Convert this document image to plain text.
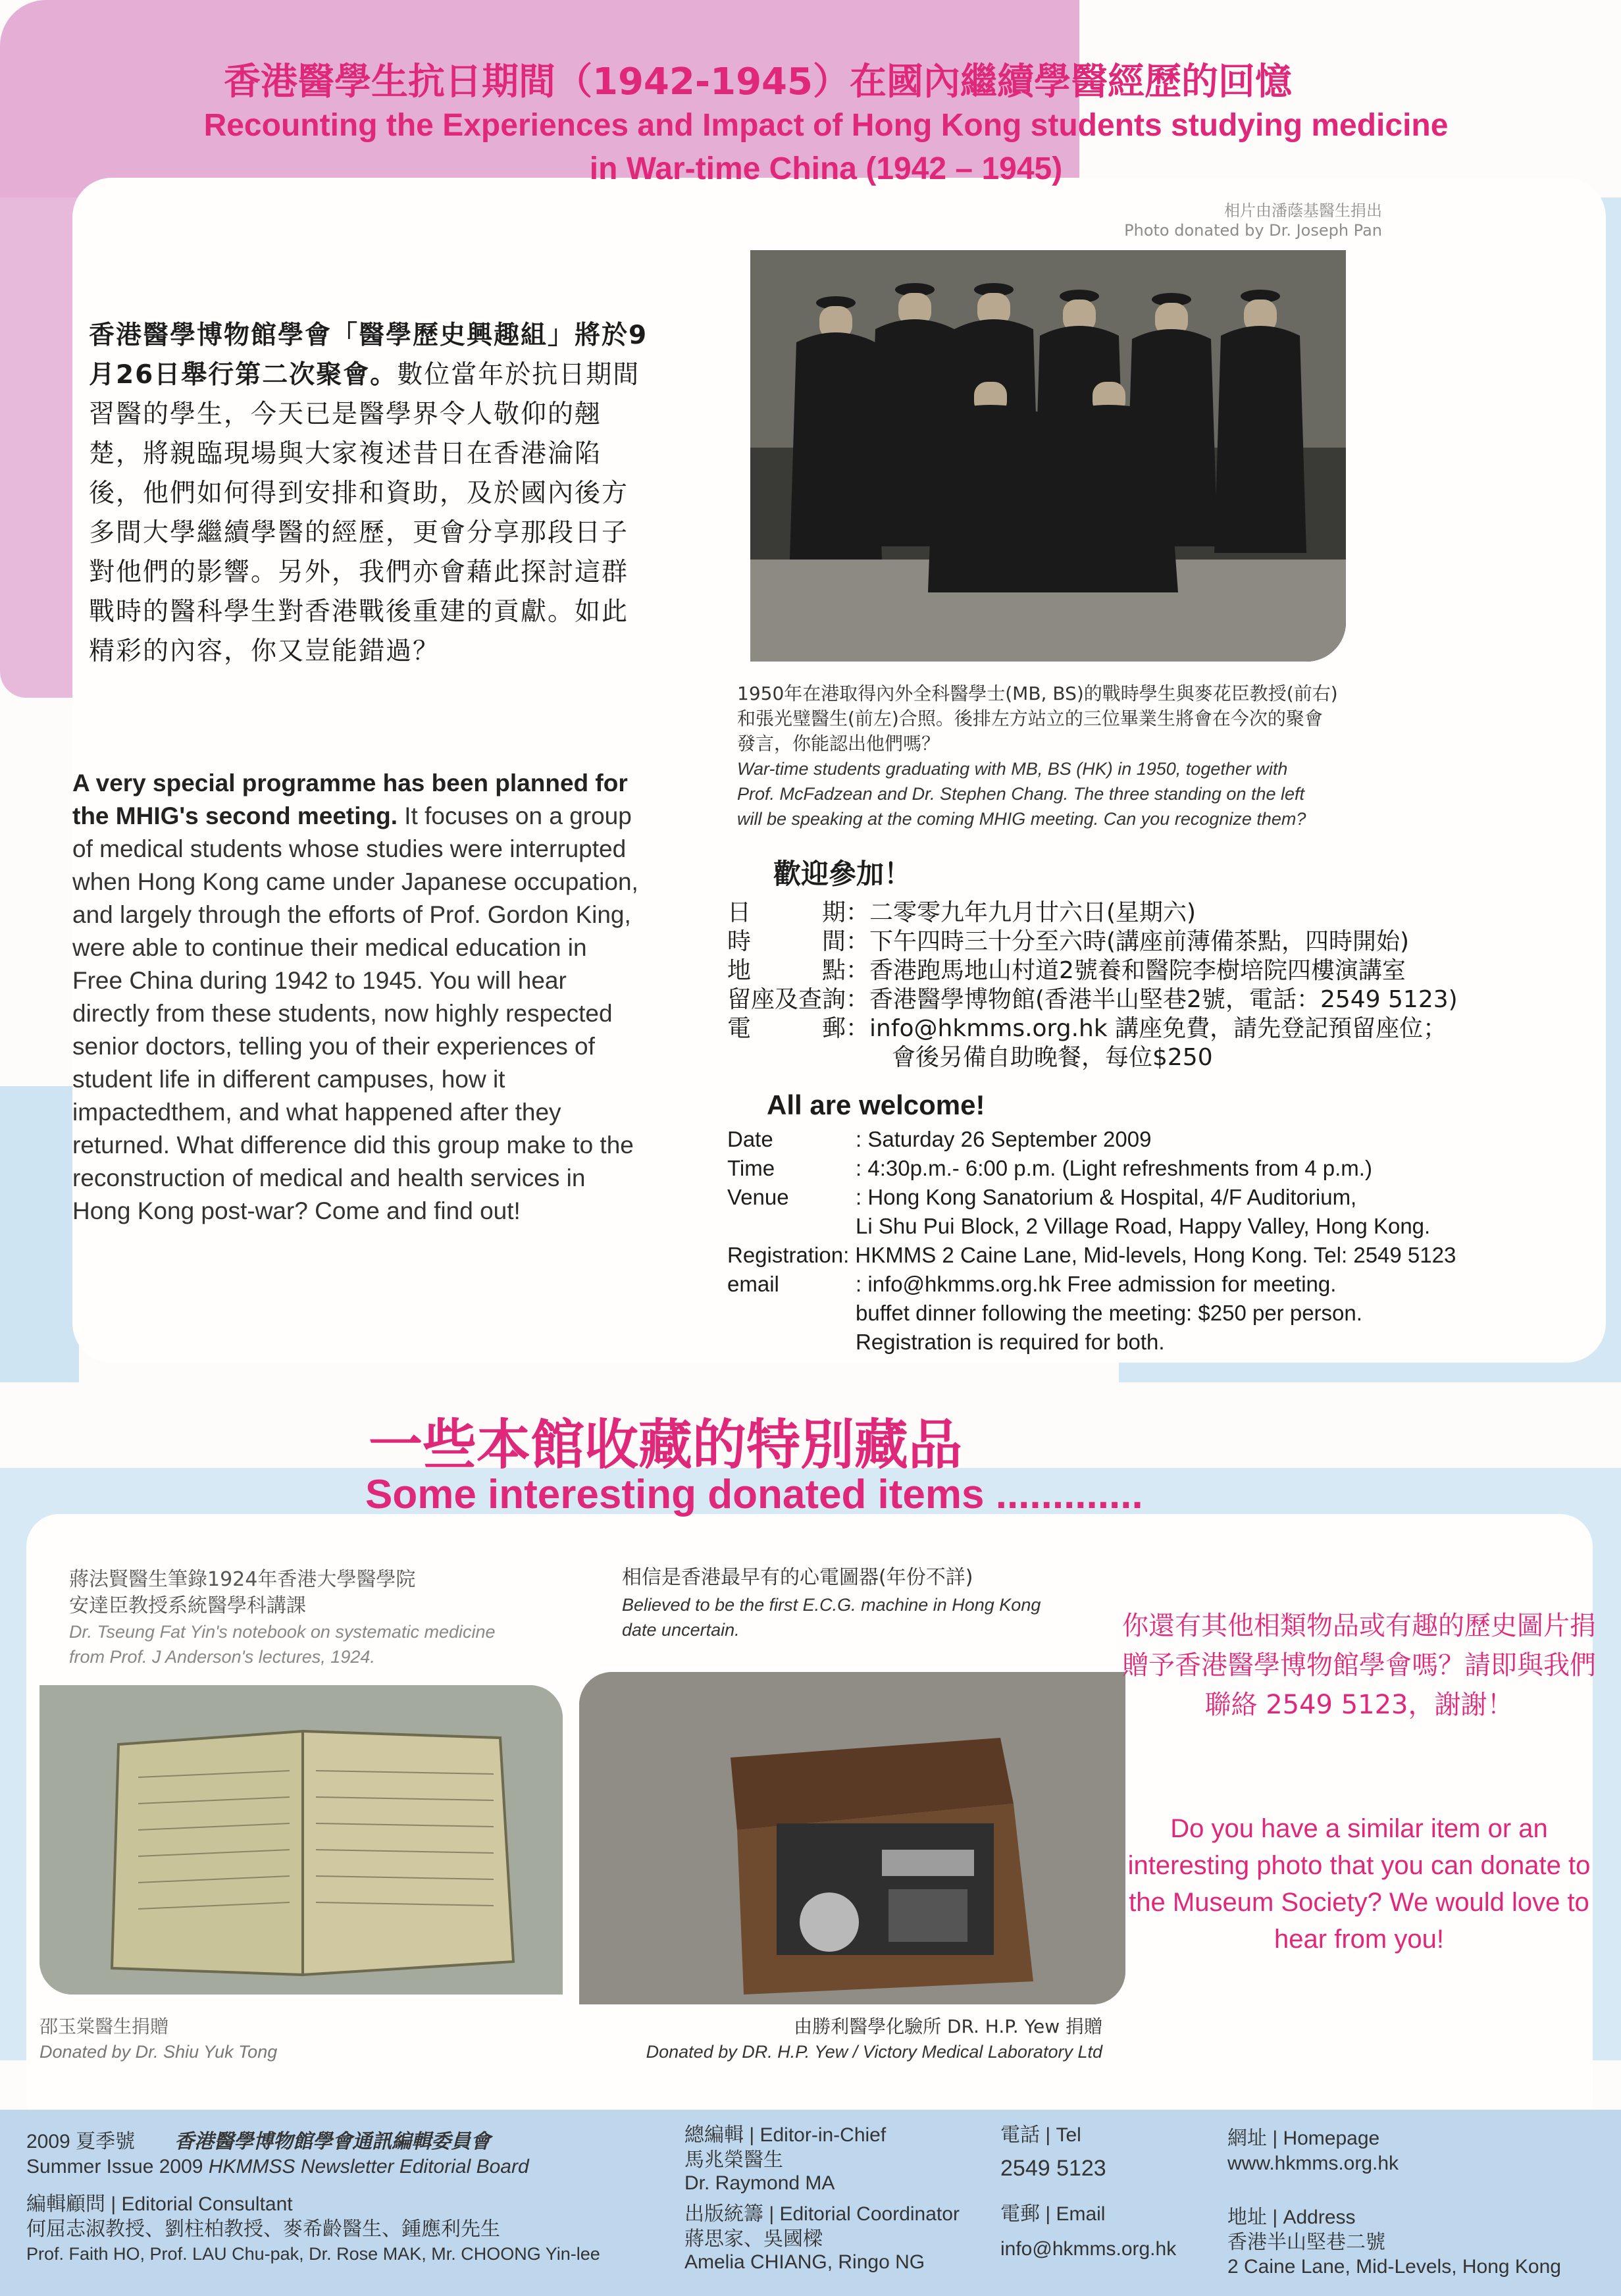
香港醫學生抗日期間（1942-1945）在國內繼續學醫經歷的回憶
Recounting the Experiences and Impact of Hong Kong students studying medicine
in War-time China (1942 – 1945)
相片由潘蔭基醫生捐出
Photo donated by Dr. Joseph Pan
香港醫學博物館學會「醫學歷史興趣組」將於9月26日舉行第二次聚會。數位當年於抗日期間習醫的學生，今天已是醫學界令人敬仰的翹楚，將親臨現場與大家複述昔日在香港淪陷後，他們如何得到安排和資助，及於國內後方多間大學繼續學醫的經歷，更會分享那段日子對他們的影響。另外，我們亦會藉此探討這群戰時的醫科學生對香港戰後重建的貢獻。如此精彩的內容，你又豈能錯過？
A very special programme has been planned for the MHIG's second meeting. It focuses on a group of medical students whose studies were interrupted when Hong Kong came under Japanese occupation, and largely through the efforts of Prof. Gordon King, were able to continue their medical education in Free China during 1942 to 1945. You will hear directly from these students, now highly respected senior doctors, telling you of their experiences of student life in different campuses, how it impactedthem, and what happened after they returned. What difference did this group make to the reconstruction of medical and health services in Hong Kong post-war? Come and find out!
1950年在港取得內外全科醫學士(MB, BS)的戰時學生與麥花臣教授(前右)
和張光璧醫生(前左)合照。後排左方站立的三位畢業生將會在今次的聚會
發言，你能認出他們嗎？
War-time students graduating with MB, BS (HK) in 1950, together with
Prof. McFadzean and Dr. Stephen Chang. The three standing on the left
will be speaking at the coming MHIG meeting. Can you recognize them?
歡迎參加！
日　　　期：二零零九年九月廿六日(星期六)
時　　　間：下午四時三十分至六時(講座前薄備茶點，四時開始)
地　　　點：香港跑馬地山村道2號養和醫院李樹培院四樓演講室
留座及查詢：香港醫學博物館(香港半山堅巷2號，電話：2549 5123)
電　　　郵：info@hkmms.org.hk 講座免費，請先登記預留座位；
會後另備自助晚餐，每位$250
All are welcome!
Date	: Saturday 26 September 2009
Time	: 4:30p.m.- 6:00 p.m. (Light refreshments from 4 p.m.)
Venue	: Hong Kong Sanatorium & Hospital, 4/F Auditorium,
Li Shu Pui Block, 2 Village Road, Happy Valley, Hong Kong.
Registration: HKMMS 2 Caine Lane, Mid-levels, Hong Kong. Tel: 2549 5123
email	: info@hkmms.org.hk Free admission for meeting.
buffet dinner following the meeting: $250 per person.
Registration is required for both.
一些本館收藏的特別藏品
Some interesting donated items .............
蔣法賢醫生筆錄1924年香港大學醫學院
安達臣教授系統醫學科講課
Dr. Tseung Fat Yin's notebook on systematic medicine
from Prof. J Anderson's lectures, 1924.
邵玉棠醫生捐贈
Donated by Dr. Shiu Yuk Tong
相信是香港最早有的心電圖器(年份不詳)
Believed to be the first E.C.G. machine in Hong Kong
date uncertain.
由勝利醫學化驗所 DR. H.P. Yew 捐贈
Donated by DR. H.P. Yew / Victory Medical Laboratory Ltd
你還有其他相類物品或有趣的歷史圖片捐贈予香港醫學博物館學會嗎？請即與我們聯絡 2549 5123，謝謝！
Do you have a similar item or an interesting photo that you can donate to the Museum Society? We would love to hear from you!
2009 夏季號　　 香港醫學博物館學會通訊編輯委員會
Summer Issue 2009 HKMMSS Newsletter Editorial Board
編輯顧問 | Editorial Consultant
何屈志淑教授、劉柱柏教授、麥希齡醫生、鍾應利先生
Prof. Faith HO, Prof. LAU Chu-pak, Dr. Rose MAK, Mr. CHOONG Yin-lee
總編輯 | Editor-in-Chief
馬兆榮醫生
Dr. Raymond MA
出版統籌 | Editorial Coordinator
蔣思家、吳國樑
Amelia CHIANG, Ringo NG
電話 | Tel
2549 5123
電郵 | Email
info@hkmms.org.hk
網址 | Homepage
www.hkmms.org.hk
地址 | Address
香港半山堅巷二號
2 Caine Lane, Mid-Levels, Hong Kong
